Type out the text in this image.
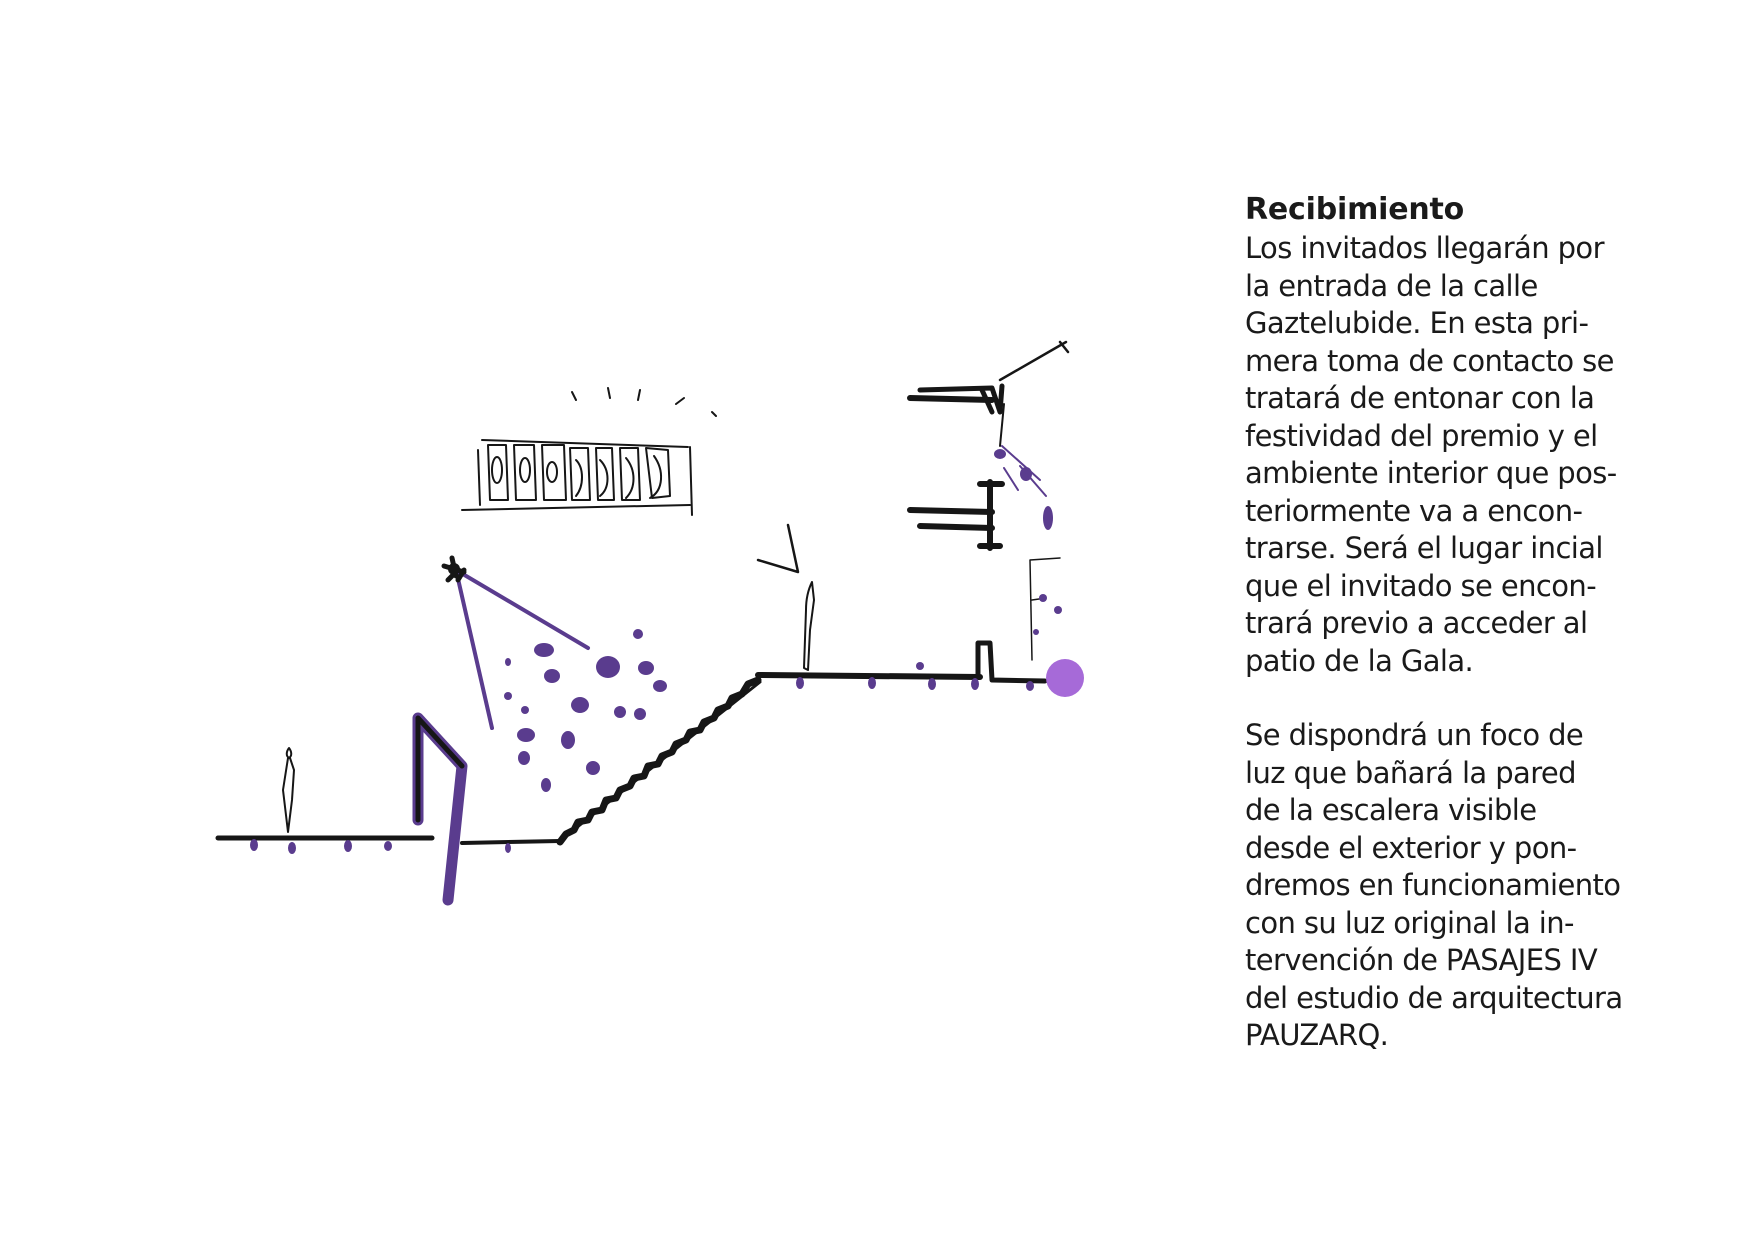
Recibimiento

Los invitados llegarán por
la entrada de la calle
Gaztelubide. En esta pri-
mera toma de contacto se
tratará de entonar con la
festividad del premio y el
ambiente interior que pos-
teriormente va a encon-
trarse. Será el lugar incial
que el invitado se encon-
trará previo a acceder al
patio de la Gala.

Se dispondrá un foco de
luz que bañará la pared
de la escalera visible
desde el exterior y pon-
dremos en funcionamiento
con su luz original la in-
tervención de PASAJES IV
del estudio de arquitectura
PAUZARQ.
